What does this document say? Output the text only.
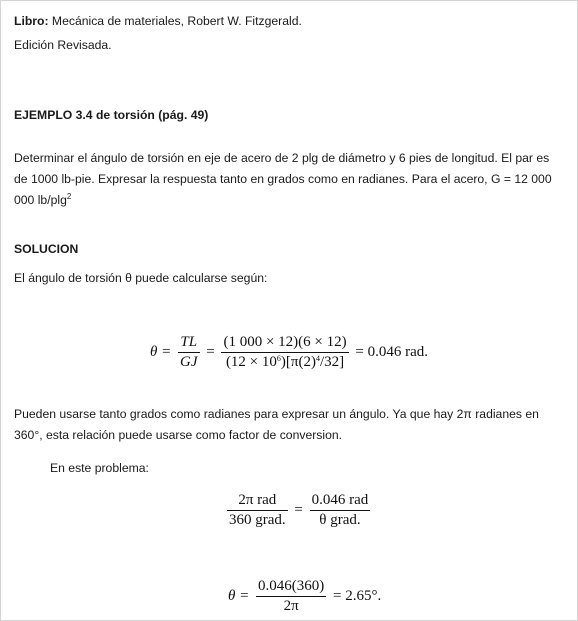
Libro: Mecánica de materiales, Robert W. Fitzgerald.
Edición Revisada.
EJEMPLO 3.4 de torsión (pág. 49)
Determinar el ángulo de torsión en eje de acero de 2 plg de diámetro y 6 pies de longitud. El par es de 1000 lb-pie. Expresar la respuesta tanto en grados como en radianes. Para el acero, G = 12 000 000 lb/plg$^2$
SOLUCION
El ángulo de torsión θ puede calcularse según:
$\theta = \frac{TL}{GJ} = \frac{(1 000 \times 12)(6 \times 12)}{(12 \times 10^6)[\pi(2)^4/32]} = 0.046$ rad.
Pueden usarse tanto grados como radianes para expresar un ángulo. Ya que hay 2π radianes en 360°, esta relación puede usarse como factor de conversion.
En este problema:
$\frac{\text{2π rad}}{\text{360 grad.}} = \frac{\text{0.046 rad}}{\text{θ grad.}}$
$\theta = \frac{0.046(360)}{2\pi} = 2.65^\circ$.
